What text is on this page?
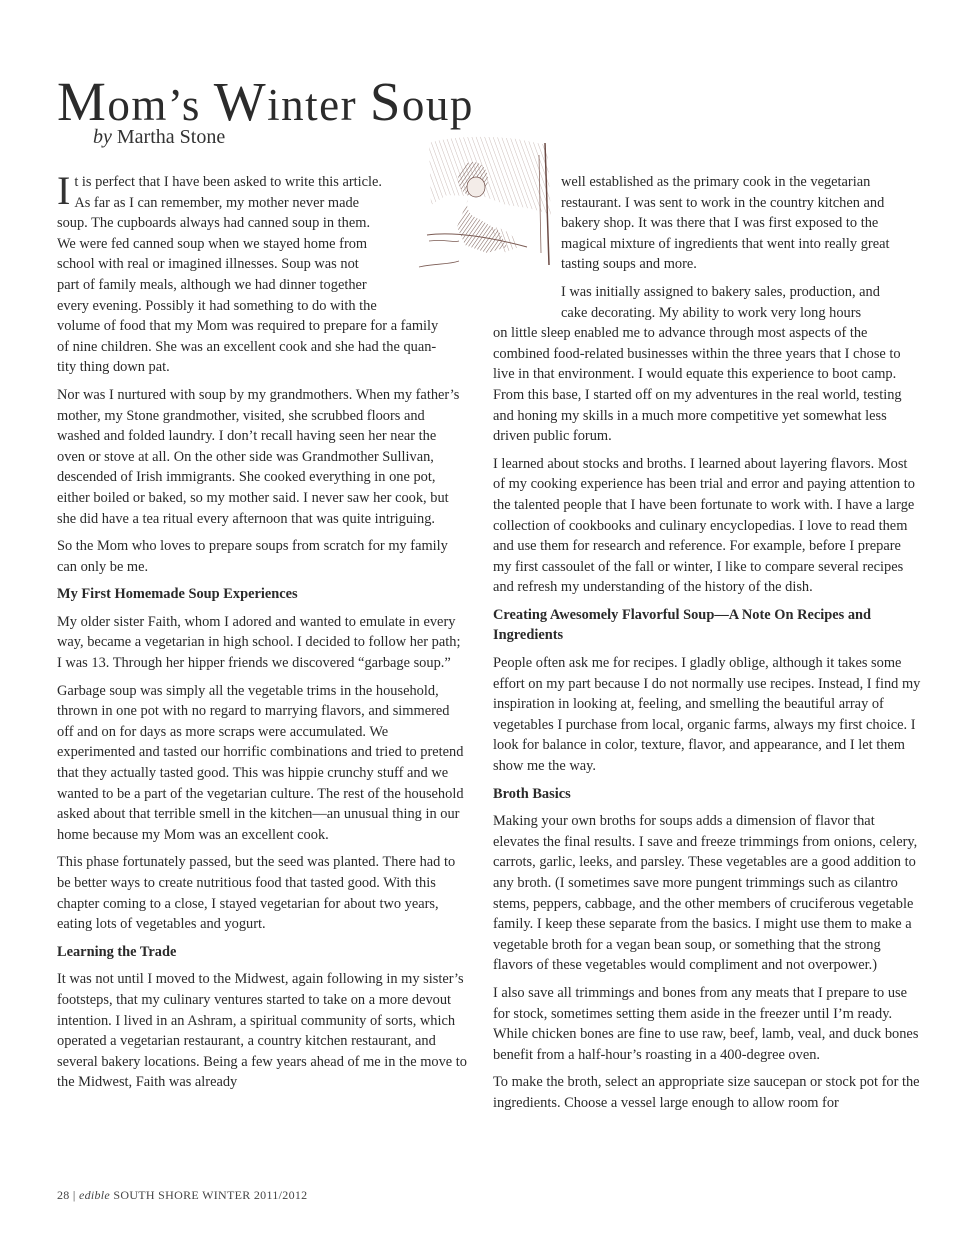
Mom’s Winter Soup
by Martha Stone

I t is perfect that I have been asked to write this article.
As far as I can remember, my mother never made
soup. The cupboards always had canned soup in them.
We were fed canned soup when we stayed home from
school with real or imagined illnesses. Soup was not
part of family meals, although we had dinner together
every evening. Possibly it had something to do with the
volume of food that my Mom was required to prepare for a family
of nine children. She was an excellent cook and she had the quan-
tity thing down pat.

Nor was I nurtured with soup by my grandmothers. When my father’s mother, my Stone grandmother, visited, she scrubbed floors and washed and folded laundry. I don’t recall having seen her near the oven or stove at all. On the other side was Grandmother Sullivan, descended of Irish immigrants. She cooked everything in one pot, either boiled or baked, so my mother said. I never saw her cook, but she did have a tea ritual every afternoon that was quite intriguing.

So the Mom who loves to prepare soups from scratch for my family can only be me.

My First Homemade Soup Experiences

My older sister Faith, whom I adored and wanted to emulate in every way, became a vegetarian in high school. I decided to follow her path; I was 13. Through her hipper friends we discovered “garbage soup.”

Garbage soup was simply all the vegetable trims in the household, thrown in one pot with no regard to marrying flavors, and simmered off and on for days as more scraps were accumulated. We experimented and tasted our horrific combinations and tried to pretend that they actually tasted good. This was hippie crunchy stuff and we wanted to be a part of the vegetarian culture. The rest of the household asked about that terrible smell in the kitchen—an unusual thing in our home because my Mom was an excellent cook.

This phase fortunately passed, but the seed was planted. There had to be better ways to create nutritious food that tasted good. With this chapter coming to a close, I stayed vegetarian for about two years, eating lots of vegetables and yogurt.

Learning the Trade

It was not until I moved to the Midwest, again following in my sister’s footsteps, that my culinary ventures started to take on a more devout intention. I lived in an Ashram, a spiritual community of sorts, which operated a vegetarian restaurant, a country kitchen restaurant, and several bakery locations. Being a few years ahead of me in the move to the Midwest, Faith was already

well established as the primary cook in the vegetarian
restaurant. I was sent to work in the country kitchen and
bakery shop. It was there that I was first exposed to the
magical mixture of ingredients that went into really great
tasting soups and more.

I was initially assigned to bakery sales, production, and
cake decorating. My ability to work very long hours
on little sleep enabled me to advance through most aspects of the combined food-related businesses within the three years that I chose to live in that environment. I would equate this experience to boot camp. From this base, I started off on my adventures in the real world, testing and honing my skills in a much more competitive yet somewhat less driven public forum.

I learned about stocks and broths. I learned about layering flavors. Most of my cooking experience has been trial and error and paying attention to the talented people that I have been fortunate to work with. I have a large collection of cookbooks and culinary encyclopedias. I love to read them and use them for research and reference. For example, before I prepare my first cassoulet of the fall or winter, I like to compare several recipes and refresh my understanding of the history of the dish.

Creating Awesomely Flavorful Soup—A Note On Recipes and Ingredients

People often ask me for recipes. I gladly oblige, although it takes some effort on my part because I do not normally use recipes. Instead, I find my inspiration in looking at, feeling, and smelling the beautiful array of vegetables I purchase from local, organic farms, always my first choice. I look for balance in color, texture, flavor, and appearance, and I let them show me the way.

Broth Basics

Making your own broths for soups adds a dimension of flavor that elevates the final results. I save and freeze trimmings from onions, celery, carrots, garlic, leeks, and parsley. These vegetables are a good addition to any broth. (I sometimes save more pungent trimmings such as cilantro stems, peppers, cabbage, and the other members of cruciferous vegetable family. I keep these separate from the basics. I might use them to make a vegetable broth for a vegan bean soup, or something that the strong flavors of these vegetables would compliment and not overpower.)

I also save all trimmings and bones from any meats that I prepare to use for stock, sometimes setting them aside in the freezer until I’m ready. While chicken bones are fine to use raw, beef, lamb, veal, and duck bones benefit from a half-hour’s roasting in a 400-degree oven.

To make the broth, select an appropriate size saucepan or stock pot for the ingredients. Choose a vessel large enough to allow room for

28 | edible SOUTH SHORE WINTER 2011/2012
